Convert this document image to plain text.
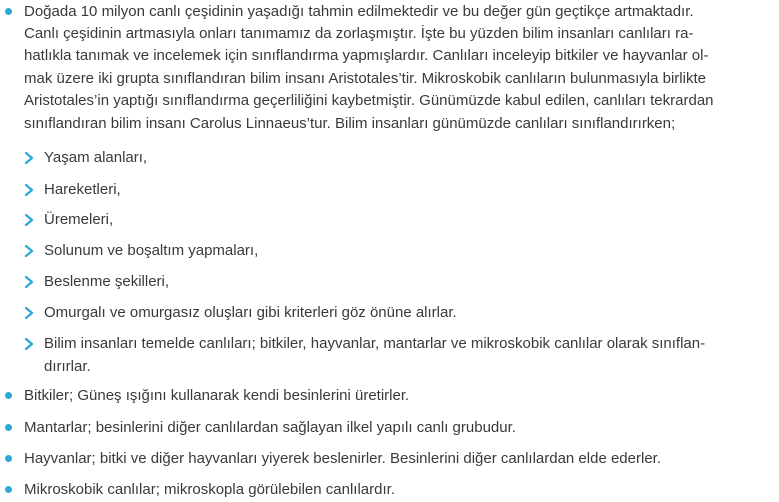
Doğada 10 milyon canlı çeşidinin yaşadığı tahmin edilmektedir ve bu değer gün geçtikçe artmaktadır.
Canlı çeşidinin artmasıyla onları tanımamız da zorlaşmıştır. İşte bu yüzden bilim insanları canlıları ra-
hatlıkla tanımak ve incelemek için sınıflandırma yapmışlardır. Canlıları inceleyip bitkiler ve hayvanlar ol-
mak üzere iki grupta sınıflandıran bilim insanı Aristotales’tir. Mikroskobik canlıların bulunmasıyla birlikte
Aristotales’in yaptığı sınıflandırma geçerliliğini kaybetmiştir. Günümüzde kabul edilen, canlıları tekrardan
sınıflandıran bilim insanı Carolus Linnaeus’tur. Bilim insanları günümüzde canlıları sınıflandırırken;
Yaşam alanları,
Hareketleri,
Üremeleri,
Solunum ve boşaltım yapmaları,
Beslenme şekilleri,
Omurgalı ve omurgasız oluşları gibi kriterleri göz önüne alırlar.
Bilim insanları temelde canlıları; bitkiler, hayvanlar, mantarlar ve mikroskobik canlılar olarak sınıflan-
dırırlar.
Bitkiler; Güneş ışığını kullanarak kendi besinlerini üretirler.
Mantarlar; besinlerini diğer canlılardan sağlayan ilkel yapılı canlı grubudur.
Hayvanlar; bitki ve diğer hayvanları yiyerek beslenirler. Besinlerini diğer canlılardan elde ederler.
Mikroskobik canlılar; mikroskopla görülebilen canlılardır.
